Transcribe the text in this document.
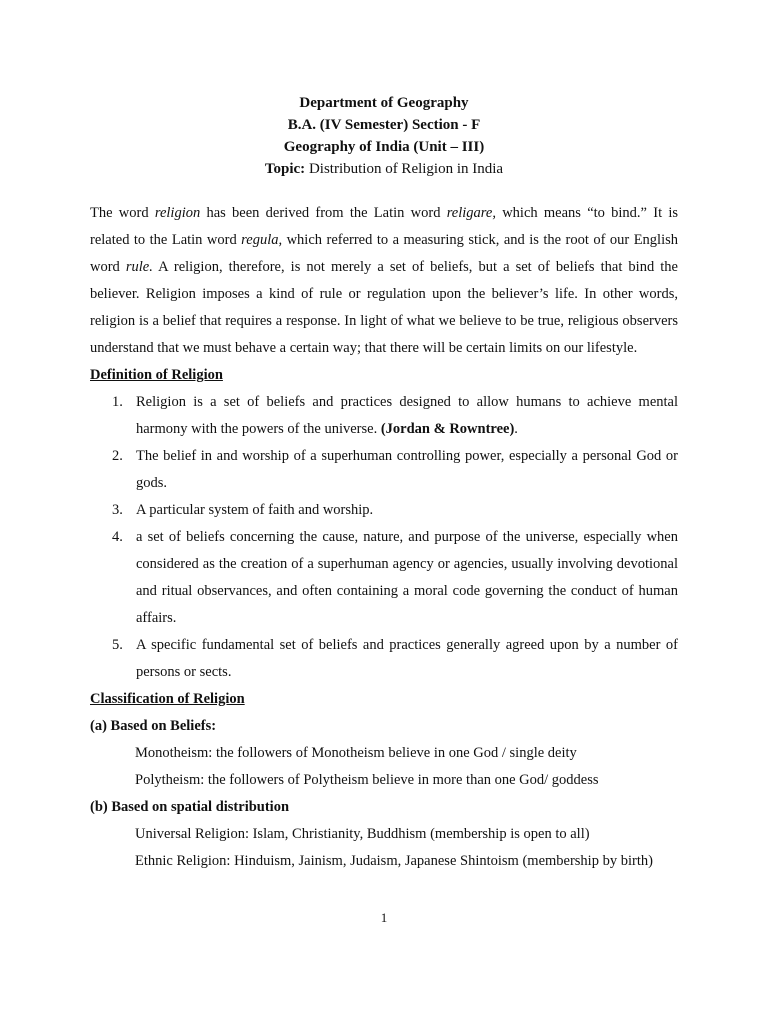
Department of Geography
B.A. (IV Semester) Section - F
Geography of India (Unit – III)
Topic: Distribution of Religion in India

The word religion has been derived from the Latin word religare, which means “to bind.” It is related to the Latin word regula, which referred to a measuring stick, and is the root of our English word rule. A religion, therefore, is not merely a set of beliefs, but a set of beliefs that bind the believer. Religion imposes a kind of rule or regulation upon the believer’s life. In other words, religion is a belief that requires a response. In light of what we believe to be true, religious observers understand that we must behave a certain way; that there will be certain limits on our lifestyle.

Definition of Religion

1. Religion is a set of beliefs and practices designed to allow humans to achieve mental harmony with the powers of the universe. (Jordan & Rowntree).
2. The belief in and worship of a superhuman controlling power, especially a personal God or gods.
3. A particular system of faith and worship.
4. a set of beliefs concerning the cause, nature, and purpose of the universe, especially when considered as the creation of a superhuman agency or agencies, usually involving devotional and ritual observances, and often containing a moral code governing the conduct of human affairs.
5. A specific fundamental set of beliefs and practices generally agreed upon by a number of persons or sects.

Classification of Religion

(a) Based on Beliefs:

Monotheism: the followers of Monotheism believe in one God / single deity

Polytheism: the followers of Polytheism believe in more than one God/ goddess

(b) Based on spatial distribution

Universal Religion: Islam, Christianity, Buddhism (membership is open to all)

Ethnic Religion: Hinduism, Jainism, Judaism, Japanese Shintoism (membership by birth)

1
